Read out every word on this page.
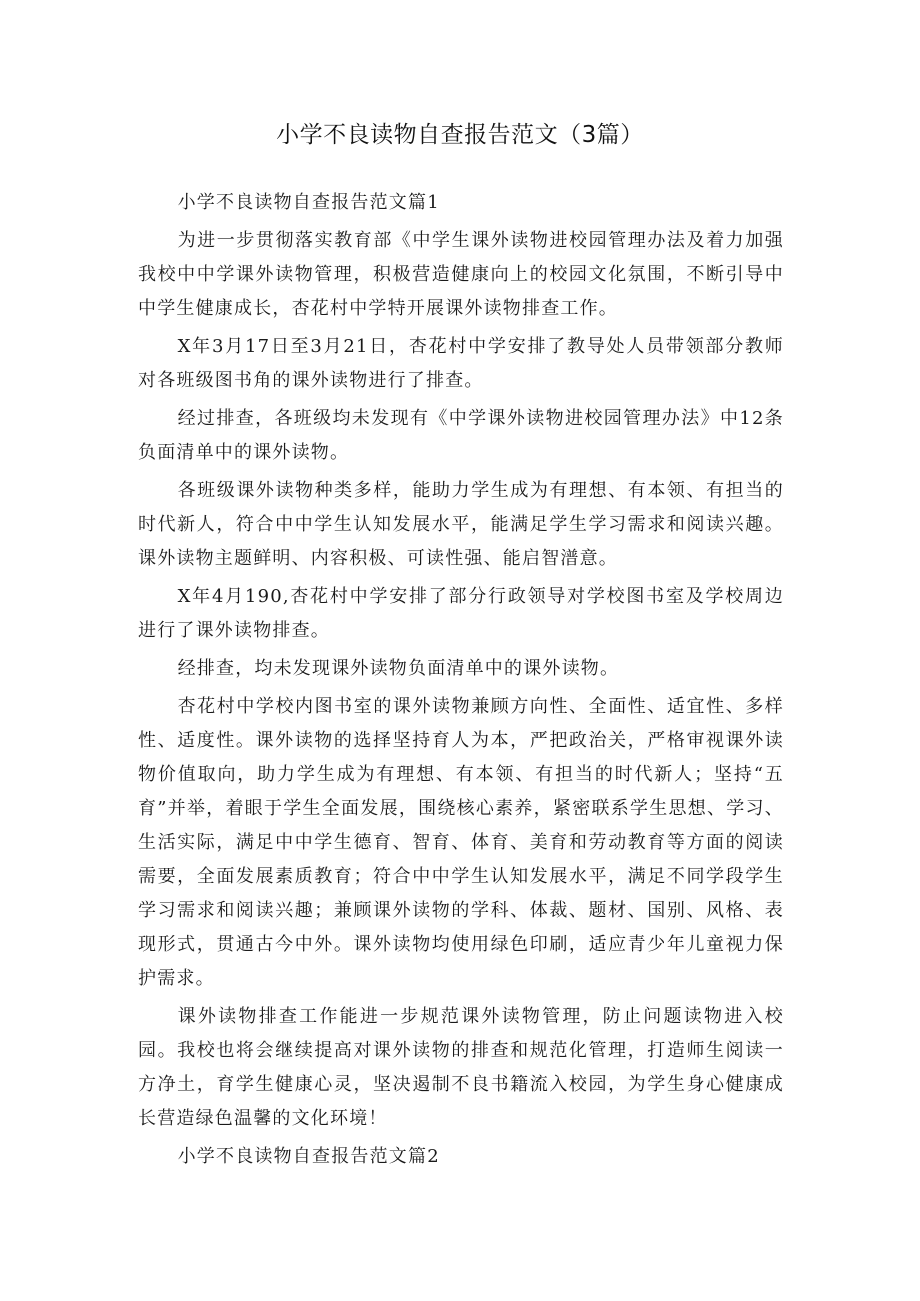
小学不良读物自查报告范文（3篇）

小学不良读物自查报告范文篇1

为进一步贯彻落实教育部《中学生课外读物进校园管理办法及着力加强我校中中学课外读物管理，积极营造健康向上的校园文化氛围，不断引导中中学生健康成长，杏花村中学特开展课外读物排查工作。

X年3月17日至3月21日，杏花村中学安排了教导处人员带领部分教师对各班级图书角的课外读物进行了排查。

经过排查，各班级均未发现有《中学课外读物进校园管理办法》中12条负面清单中的课外读物。

各班级课外读物种类多样，能助力学生成为有理想、有本领、有担当的时代新人，符合中中学生认知发展水平，能满足学生学习需求和阅读兴趣。课外读物主题鲜明、内容积极、可读性强、能启智潽意。

X年4月190,杏花村中学安排了部分行政领导对学校图书室及学校周边进行了课外读物排查。

经排查，均未发现课外读物负面清单中的课外读物。

杏花村中学校内图书室的课外读物兼顾方向性、全面性、适宜性、多样性、适度性。课外读物的选择坚持育人为本，严把政治关，严格审视课外读物价值取向，助力学生成为有理想、有本领、有担当的时代新人；坚持“五育”并举，着眼于学生全面发展，围绕核心素养，紧密联系学生思想、学习、生活实际，满足中中学生德育、智育、体育、美育和劳动教育等方面的阅读需要，全面发展素质教育；符合中中学生认知发展水平，满足不同学段学生学习需求和阅读兴趣；兼顾课外读物的学科、体裁、题材、国别、风格、表现形式，贯通古今中外。课外读物均使用绿色印刷，适应青少年儿童视力保护需求。

课外读物排查工作能进一步规范课外读物管理，防止问题读物进入校园。我校也将会继续提高对课外读物的排查和规范化管理，打造师生阅读一方净土，育学生健康心灵，坚决遏制不良书籍流入校园，为学生身心健康成长营造绿色温馨的文化环境！

小学不良读物自查报告范文篇2
